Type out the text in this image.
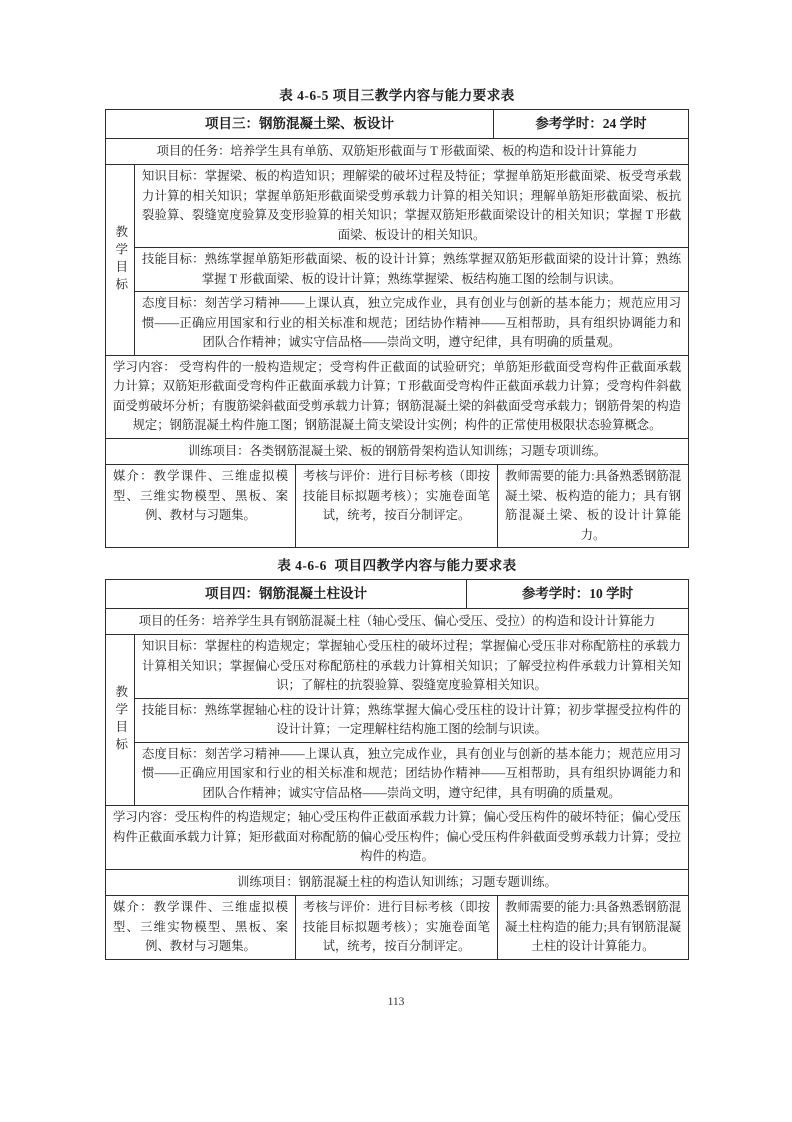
表 4-6-5 项目三教学内容与能力要求表
项目三：钢筋混凝土梁、板设计	参考学时：24 学时
项目的任务：培养学生具有单筋、双筋矩形截面与 T 形截面梁、板的构造和设计计算能力
教学目标
知识目标：掌握梁、板的构造知识；理解梁的破坏过程及特征；掌握单筋矩形截面梁、板受弯承载力计算的相关知识；掌握单筋矩形截面梁受剪承载力计算的相关知识；理解单筋矩形截面梁、板抗裂验算、裂缝宽度验算及变形验算的相关知识；掌握双筋矩形截面梁设计的相关知识；掌握 T 形截面梁、板设计的相关知识。
技能目标：熟练掌握单筋矩形截面梁、板的设计计算；熟练掌握双筋矩形截面梁的设计计算；熟练掌握 T 形截面梁、板的设计计算；熟练掌握梁、板结构施工图的绘制与识读。
态度目标：刻苦学习精神——上课认真，独立完成作业，具有创业与创新的基本能力；规范应用习惯——正确应用国家和行业的相关标准和规范；团结协作精神——互相帮助，具有组织协调能力和团队合作精神；诚实守信品格——崇尚文明，遵守纪律，具有明确的质量观。
学习内容： 受弯构件的一般构造规定；受弯构件正截面的试验研究；单筋矩形截面受弯构件正截面承载力计算；双筋矩形截面受弯构件正截面承载力计算；T 形截面受弯构件正截面承载力计算；受弯构件斜截面受剪破坏分析；有腹筋梁斜截面受剪承载力计算；钢筋混凝土梁的斜截面受弯承载力；钢筋骨架的构造规定；钢筋混凝土构件施工图；钢筋混凝土简支梁设计实例；构件的正常使用极限状态验算概念。
训练项目：各类钢筋混凝土梁、板的钢筋骨架构造认知训练；习题专项训练。
媒介：教学课件、三维虚拟模型、三维实物模型、黑板、案例、教材与习题集。
考核与评价：进行目标考核（即按技能目标拟题考核）；实施卷面笔试，统考，按百分制评定。
教师需要的能力:具备熟悉钢筋混凝土梁、板构造的能力；具有钢筋混凝土梁、板的设计计算能力。
表 4-6-6  项目四教学内容与能力要求表
项目四：钢筋混凝土柱设计	参考学时：10 学时
项目的任务：培养学生具有钢筋混凝土柱（轴心受压、偏心受压、受拉）的构造和设计计算能力
教学目标
知识目标：掌握柱的构造规定；掌握轴心受压柱的破坏过程；掌握偏心受压非对称配筋柱的承载力计算相关知识；掌握偏心受压对称配筋柱的承载力计算相关知识；了解受拉构件承载力计算相关知识；了解柱的抗裂验算、裂缝宽度验算相关知识。
技能目标：熟练掌握轴心柱的设计计算；熟练掌握大偏心受压柱的设计计算；初步掌握受拉构件的设计计算；一定理解柱结构施工图的绘制与识读。
态度目标：刻苦学习精神——上课认真，独立完成作业，具有创业与创新的基本能力；规范应用习惯——正确应用国家和行业的相关标准和规范；团结协作精神——互相帮助，具有组织协调能力和团队合作精神；诚实守信品格——崇尚文明，遵守纪律，具有明确的质量观。
学习内容：受压构件的构造规定；轴心受压构件正截面承载力计算；偏心受压构件的破坏特征；偏心受压构件正截面承载力计算；矩形截面对称配筋的偏心受压构件；偏心受压构件斜截面受剪承载力计算；受拉构件的构造。
训练项目：钢筋混凝土柱的构造认知训练；习题专题训练。
媒介：教学课件、三维虚拟模型、三维实物模型、黑板、案例、教材与习题集。
考核与评价：进行目标考核（即按技能目标拟题考核）；实施卷面笔试，统考，按百分制评定。
教师需要的能力:具备熟悉钢筋混凝土柱构造的能力;具有钢筋混凝土柱的设计计算能力。
113
